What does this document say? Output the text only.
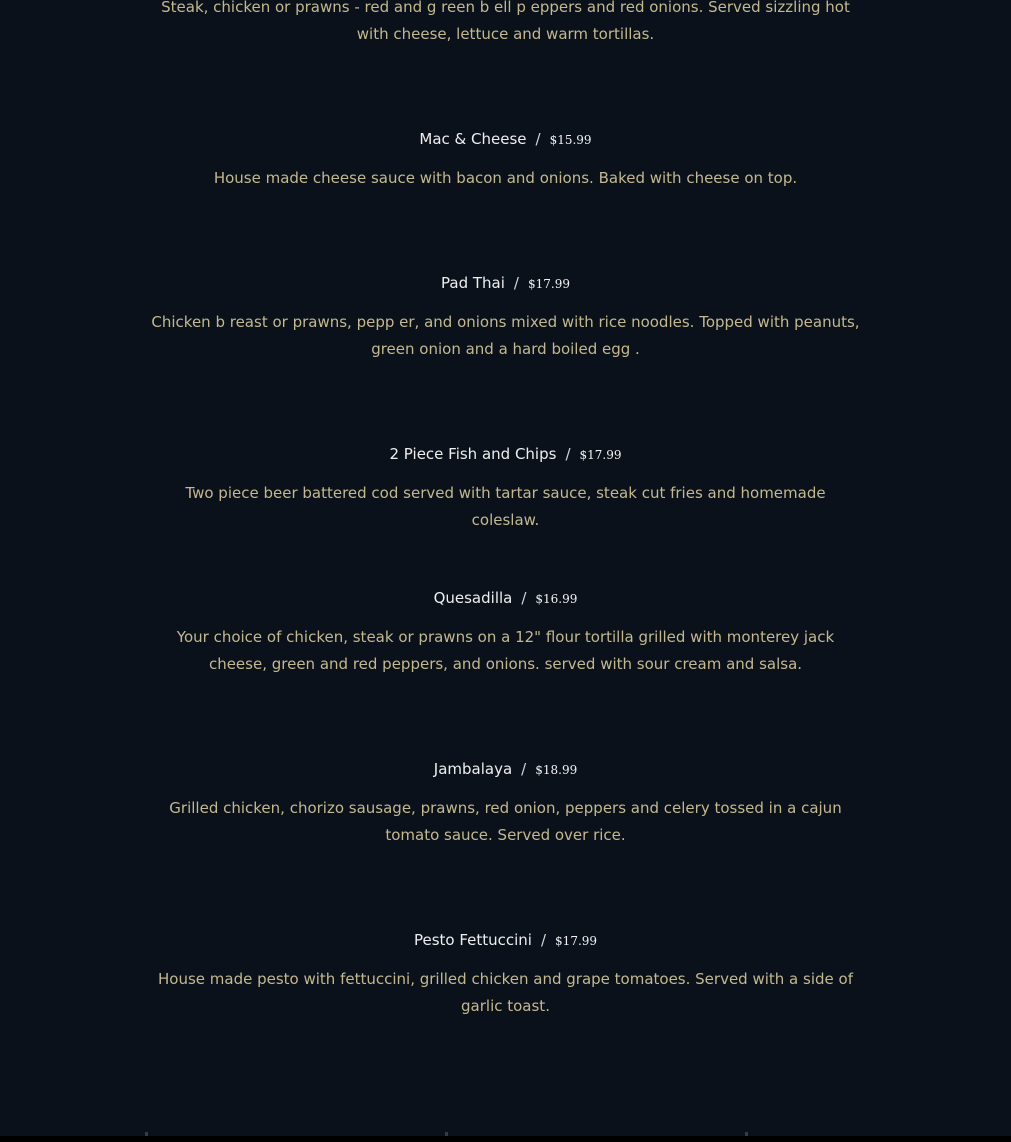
Steak, chicken or prawns - red and g reen b ell p eppers and red onions. Served sizzling hot with cheese, lettuce and warm tortillas.

Mac & Cheese / $15.99

House made cheese sauce with bacon and onions. Baked with cheese on top.

Pad Thai / $17.99

Chicken b reast or prawns, pepp er, and onions mixed with rice noodles. Topped with peanuts, green onion and a hard boiled egg .

2 Piece Fish and Chips / $17.99

Two piece beer battered cod served with tartar sauce, steak cut fries and homemade coleslaw.

Quesadilla / $16.99

Your choice of chicken, steak or prawns on a 12" flour tortilla grilled with monterey jack cheese, green and red peppers, and onions. served with sour cream and salsa.

Jambalaya / $18.99

Grilled chicken, chorizo sausage, prawns, red onion, peppers and celery tossed in a cajun tomato sauce. Served over rice.

Pesto Fettuccini / $17.99

House made pesto with fettuccini, grilled chicken and grape tomatoes. Served with a side of garlic toast.
